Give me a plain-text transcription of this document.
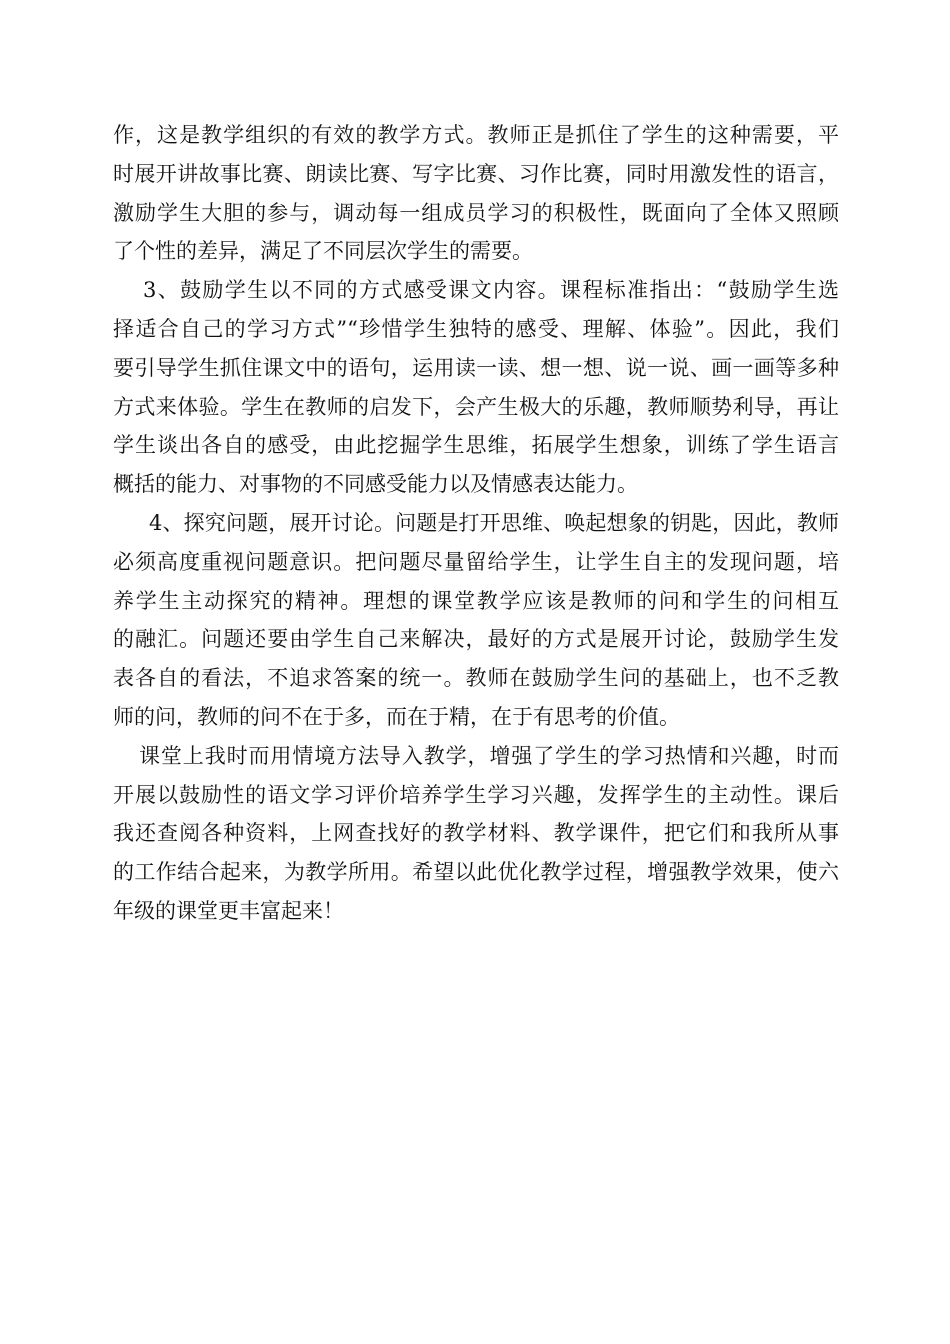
作，这是教学组织的有效的教学方式。教师正是抓住了学生的这种需要，平
时展开讲故事比赛、朗读比赛、写字比赛、习作比赛，同时用激发性的语言，
激励学生大胆的参与，调动每一组成员学习的积极性，既面向了全体又照顾
了个性的差异，满足了不同层次学生的需要。
3、鼓励学生以不同的方式感受课文内容。课程标准指出：“鼓励学生选
择适合自己的学习方式”“珍惜学生独特的感受、理解、体验”。因此，我们
要引导学生抓住课文中的语句，运用读一读、想一想、说一说、画一画等多种
方式来体验。学生在教师的启发下，会产生极大的乐趣，教师顺势利导，再让
学生谈出各自的感受，由此挖掘学生思维，拓展学生想象，训练了学生语言
概括的能力、对事物的不同感受能力以及情感表达能力。
4、探究问题，展开讨论。问题是打开思维、唤起想象的钥匙，因此，教师
必须高度重视问题意识。把问题尽量留给学生，让学生自主的发现问题，培
养学生主动探究的精神。理想的课堂教学应该是教师的问和学生的问相互
的融汇。问题还要由学生自己来解决，最好的方式是展开讨论，鼓励学生发
表各自的看法，不追求答案的统一。教师在鼓励学生问的基础上，也不乏教
师的问，教师的问不在于多，而在于精，在于有思考的价值。
课堂上我时而用情境方法导入教学，增强了学生的学习热情和兴趣，时而
开展以鼓励性的语文学习评价培养学生学习兴趣，发挥学生的主动性。课后
我还查阅各种资料，上网查找好的教学材料、教学课件，把它们和我所从事
的工作结合起来，为教学所用。希望以此优化教学过程，增强教学效果，使六
年级的课堂更丰富起来！
